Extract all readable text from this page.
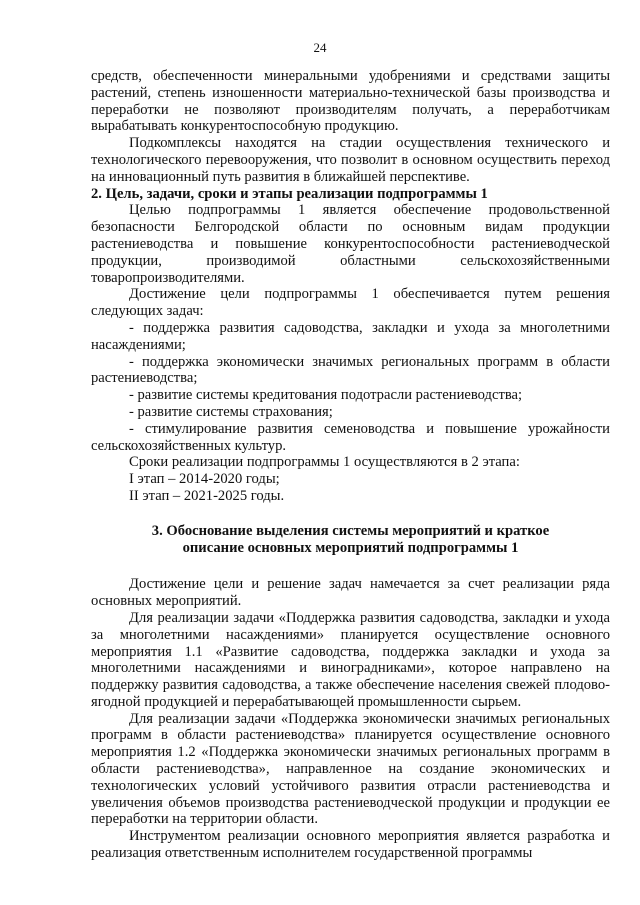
24

средств, обеспеченности минеральными удобрениями и средствами защиты растений, степень изношенности материально-технической базы производства и переработки не позволяют производителям получать, а переработчикам вырабатывать конкурентоспособную продукцию.

Подкомплексы находятся на стадии осуществления технического и технологического перевооружения, что позволит в основном осуществить переход на инновационный путь развития в ближайшей перспективе.

2. Цель, задачи, сроки и этапы реализации подпрограммы 1

Целью подпрограммы 1 является обеспечение продовольственной безопасности Белгородской области по основным видам продукции растениеводства и повышение конкурентоспособности растениеводческой продукции, производимой областными сельскохозяйственными товаропроизводителями.

Достижение цели подпрограммы 1 обеспечивается путем решения следующих задач:

- поддержка развития садоводства, закладки и ухода за многолетними насаждениями;

- поддержка экономически значимых региональных программ в области растениеводства;

- развитие системы кредитования подотрасли растениеводства;

- развитие системы страхования;

- стимулирование развития семеноводства и повышение урожайности сельскохозяйственных культур.

Сроки реализации подпрограммы 1 осуществляются в 2 этапа:

I этап – 2014-2020 годы;

II этап – 2021-2025 годы.

3. Обоснование выделения системы мероприятий и краткое
описание основных мероприятий подпрограммы 1

Достижение цели и решение задач намечается за счет реализации ряда основных мероприятий.

Для реализации задачи «Поддержка развития садоводства, закладки и ухода за многолетними насаждениями» планируется осуществление основного мероприятия 1.1 «Развитие садоводства, поддержка закладки и ухода за многолетними насаждениями и виноградниками», которое направлено на поддержку развития садоводства, а также обеспечение населения свежей плодово-ягодной продукцией и перерабатывающей промышленности сырьем.

Для реализации задачи «Поддержка экономически значимых региональных программ в области растениеводства» планируется осуществление основного мероприятия 1.2 «Поддержка экономически значимых региональных программ в области растениеводства», направленное на создание экономических и технологических условий устойчивого развития отрасли растениеводства и увеличения объемов производства растениеводческой продукции и продукции ее переработки на территории области.

Инструментом реализации основного мероприятия является разработка и реализация ответственным исполнителем государственной программы
